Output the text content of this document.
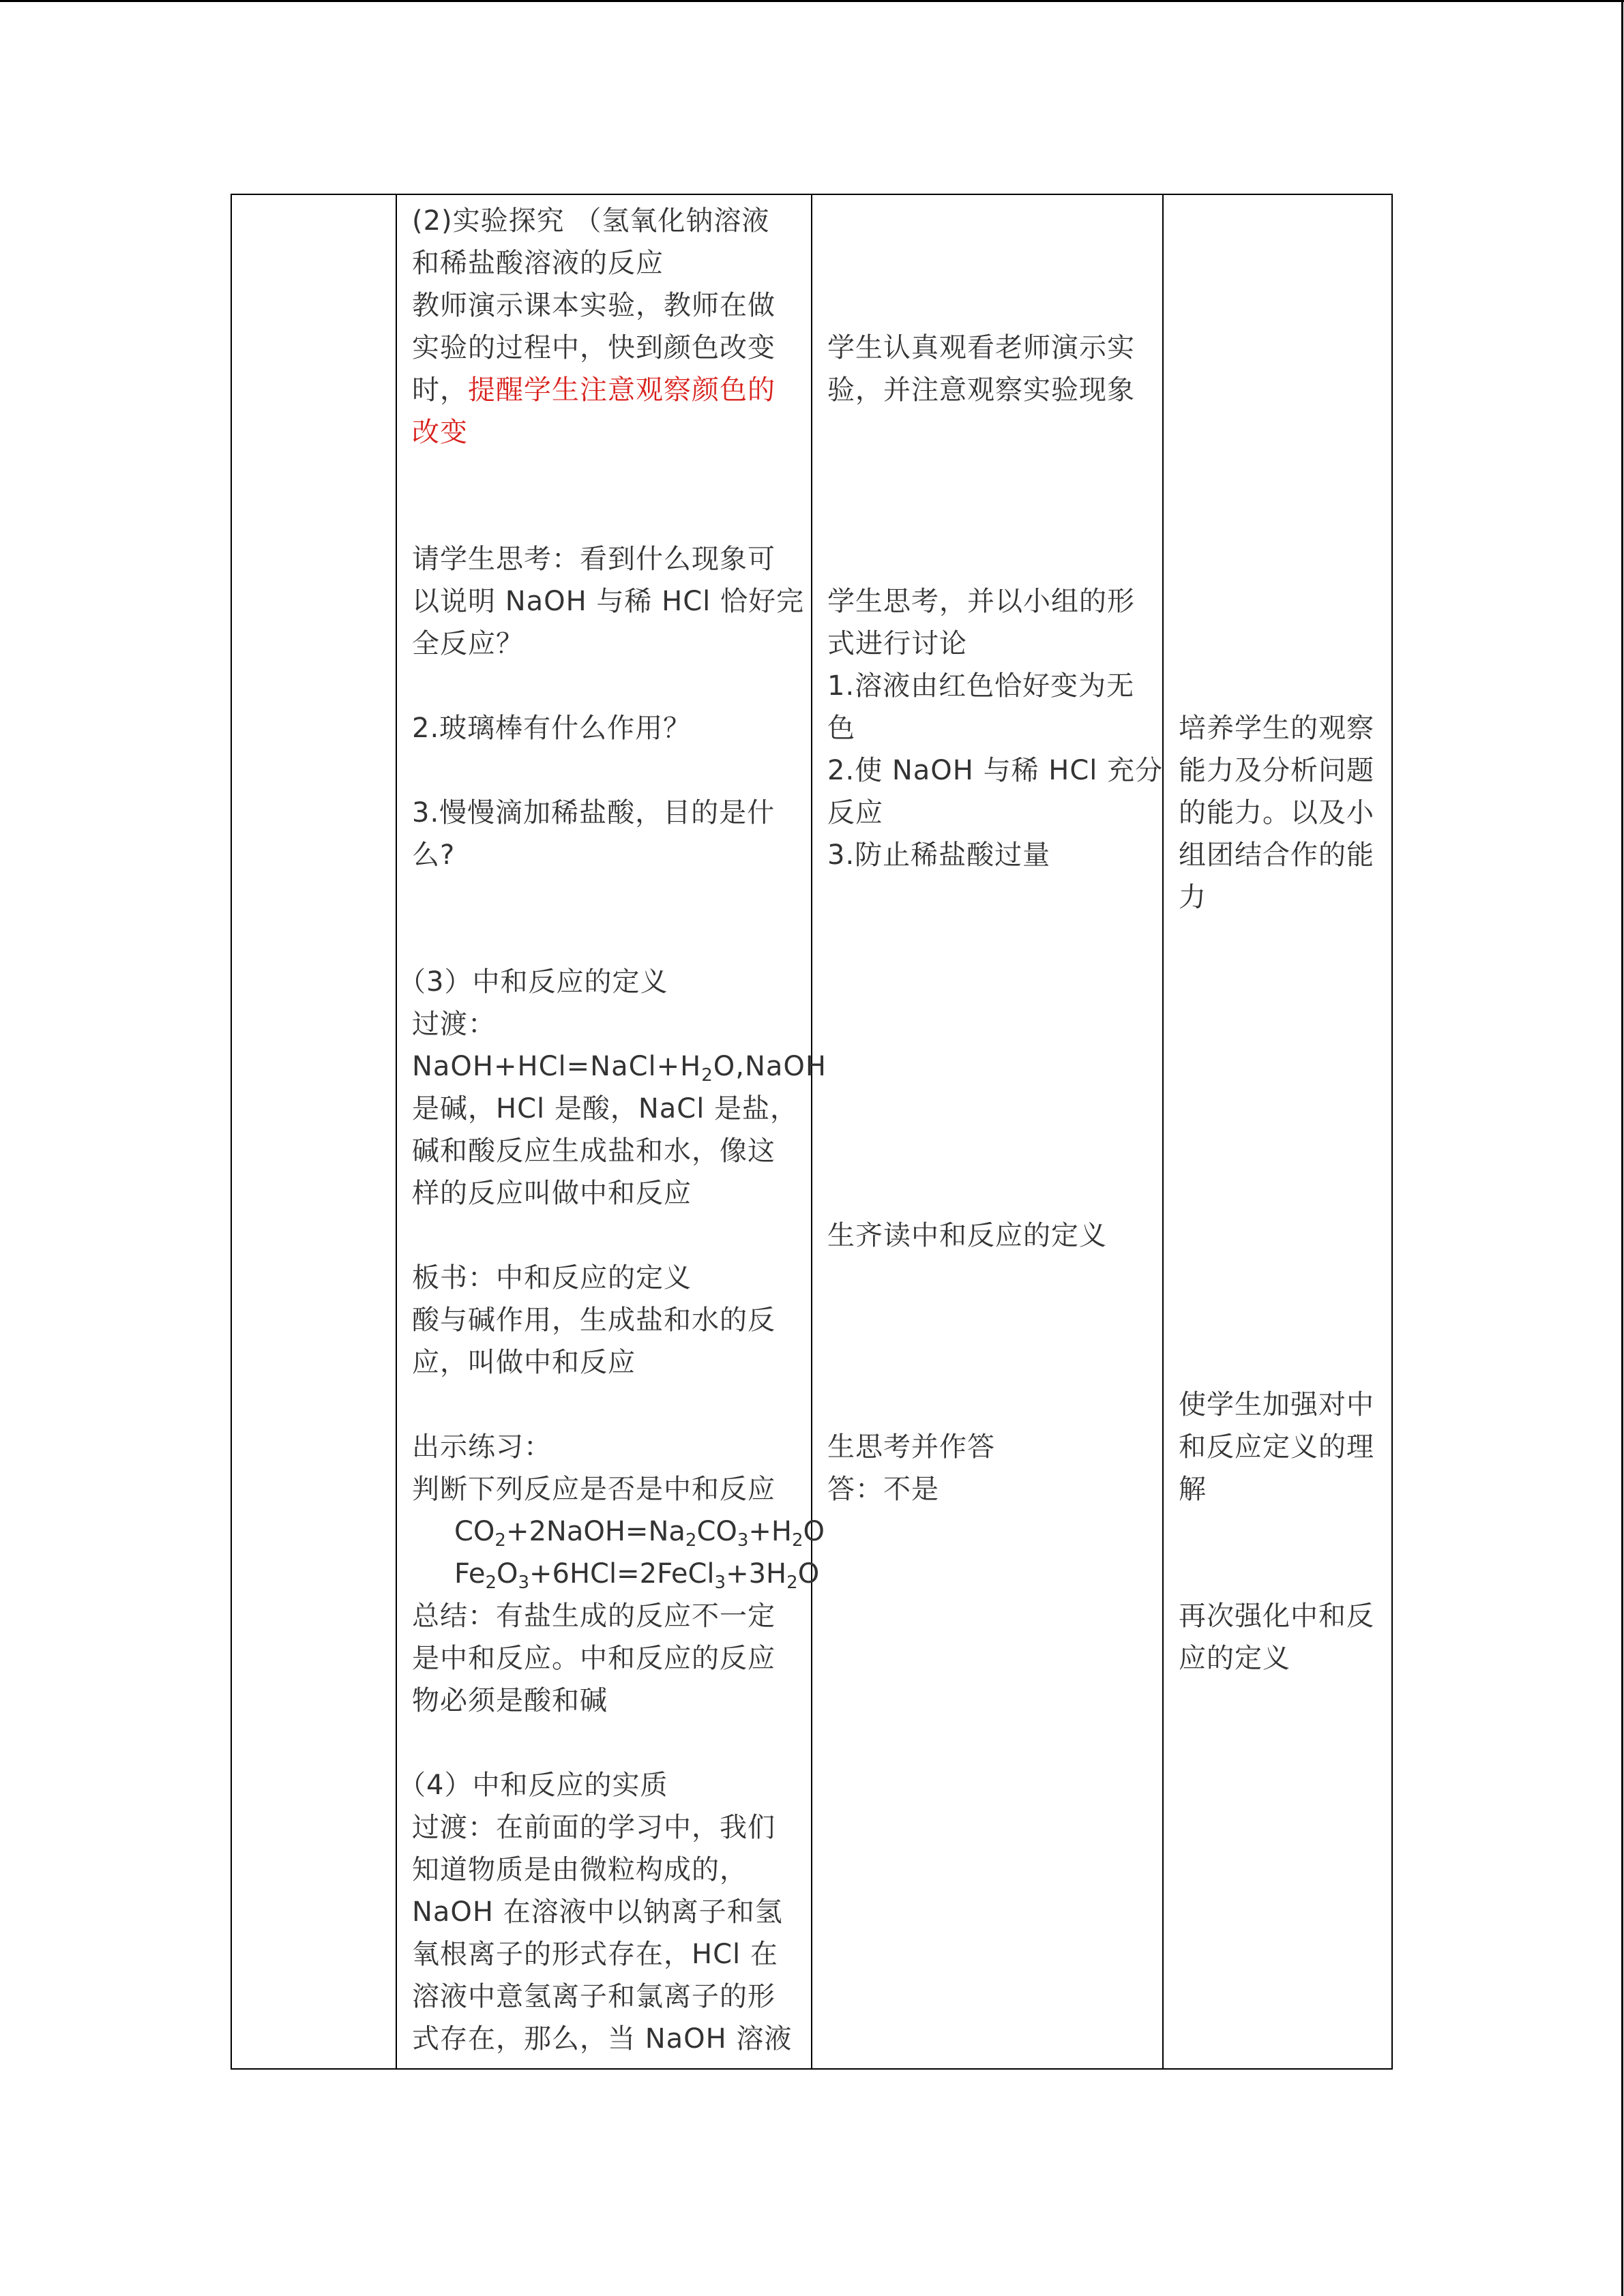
(2)实验探究 （氢氧化钠溶液

和稀盐酸溶液的反应

教师演示课本实验，教师在做

实验的过程中，快到颜色改变

时，提醒学生注意观察颜色的

改变

请学生思考：看到什么现象可

以说明 NaOH 与稀 HCl 恰好完

全反应？

2.玻璃棒有什么作用？

3.慢慢滴加稀盐酸，目的是什

么?

（3）中和反应的定义

过渡：

$NaOH+HCl=NaCl+H_2O,NaOH$

是碱，HCl 是酸，NaCl 是盐，

碱和酸反应生成盐和水，像这

样的反应叫做中和反应

板书：中和反应的定义

酸与碱作用，生成盐和水的反

应，叫做中和反应

出示练习：

判断下列反应是否是中和反应

$CO_2+2NaOH=Na_2CO_3+H_2O$

$Fe_2O_3+6HCl=2FeCl_3+3H_2O$

总结：有盐生成的反应不一定

是中和反应。中和反应的反应

物必须是酸和碱

（4）中和反应的实质

过渡：在前面的学习中，我们

知道物质是由微粒构成的，

NaOH 在溶液中以钠离子和氢

氧根离子的形式存在，HCl 在

溶液中意氢离子和氯离子的形

式存在，那么，当 NaOH 溶液

学生认真观看老师演示实

验，并注意观察实验现象

学生思考，并以小组的形

式进行讨论

1.溶液由红色恰好变为无

色

2.使 NaOH 与稀 HCl 充分

反应

3.防止稀盐酸过量

生齐读中和反应的定义

生思考并作答

答：不是

培养学生的观察

能力及分析问题

的能力。以及小

组团结合作的能

力

使学生加强对中

和反应定义的理

解

再次强化中和反

应的定义
